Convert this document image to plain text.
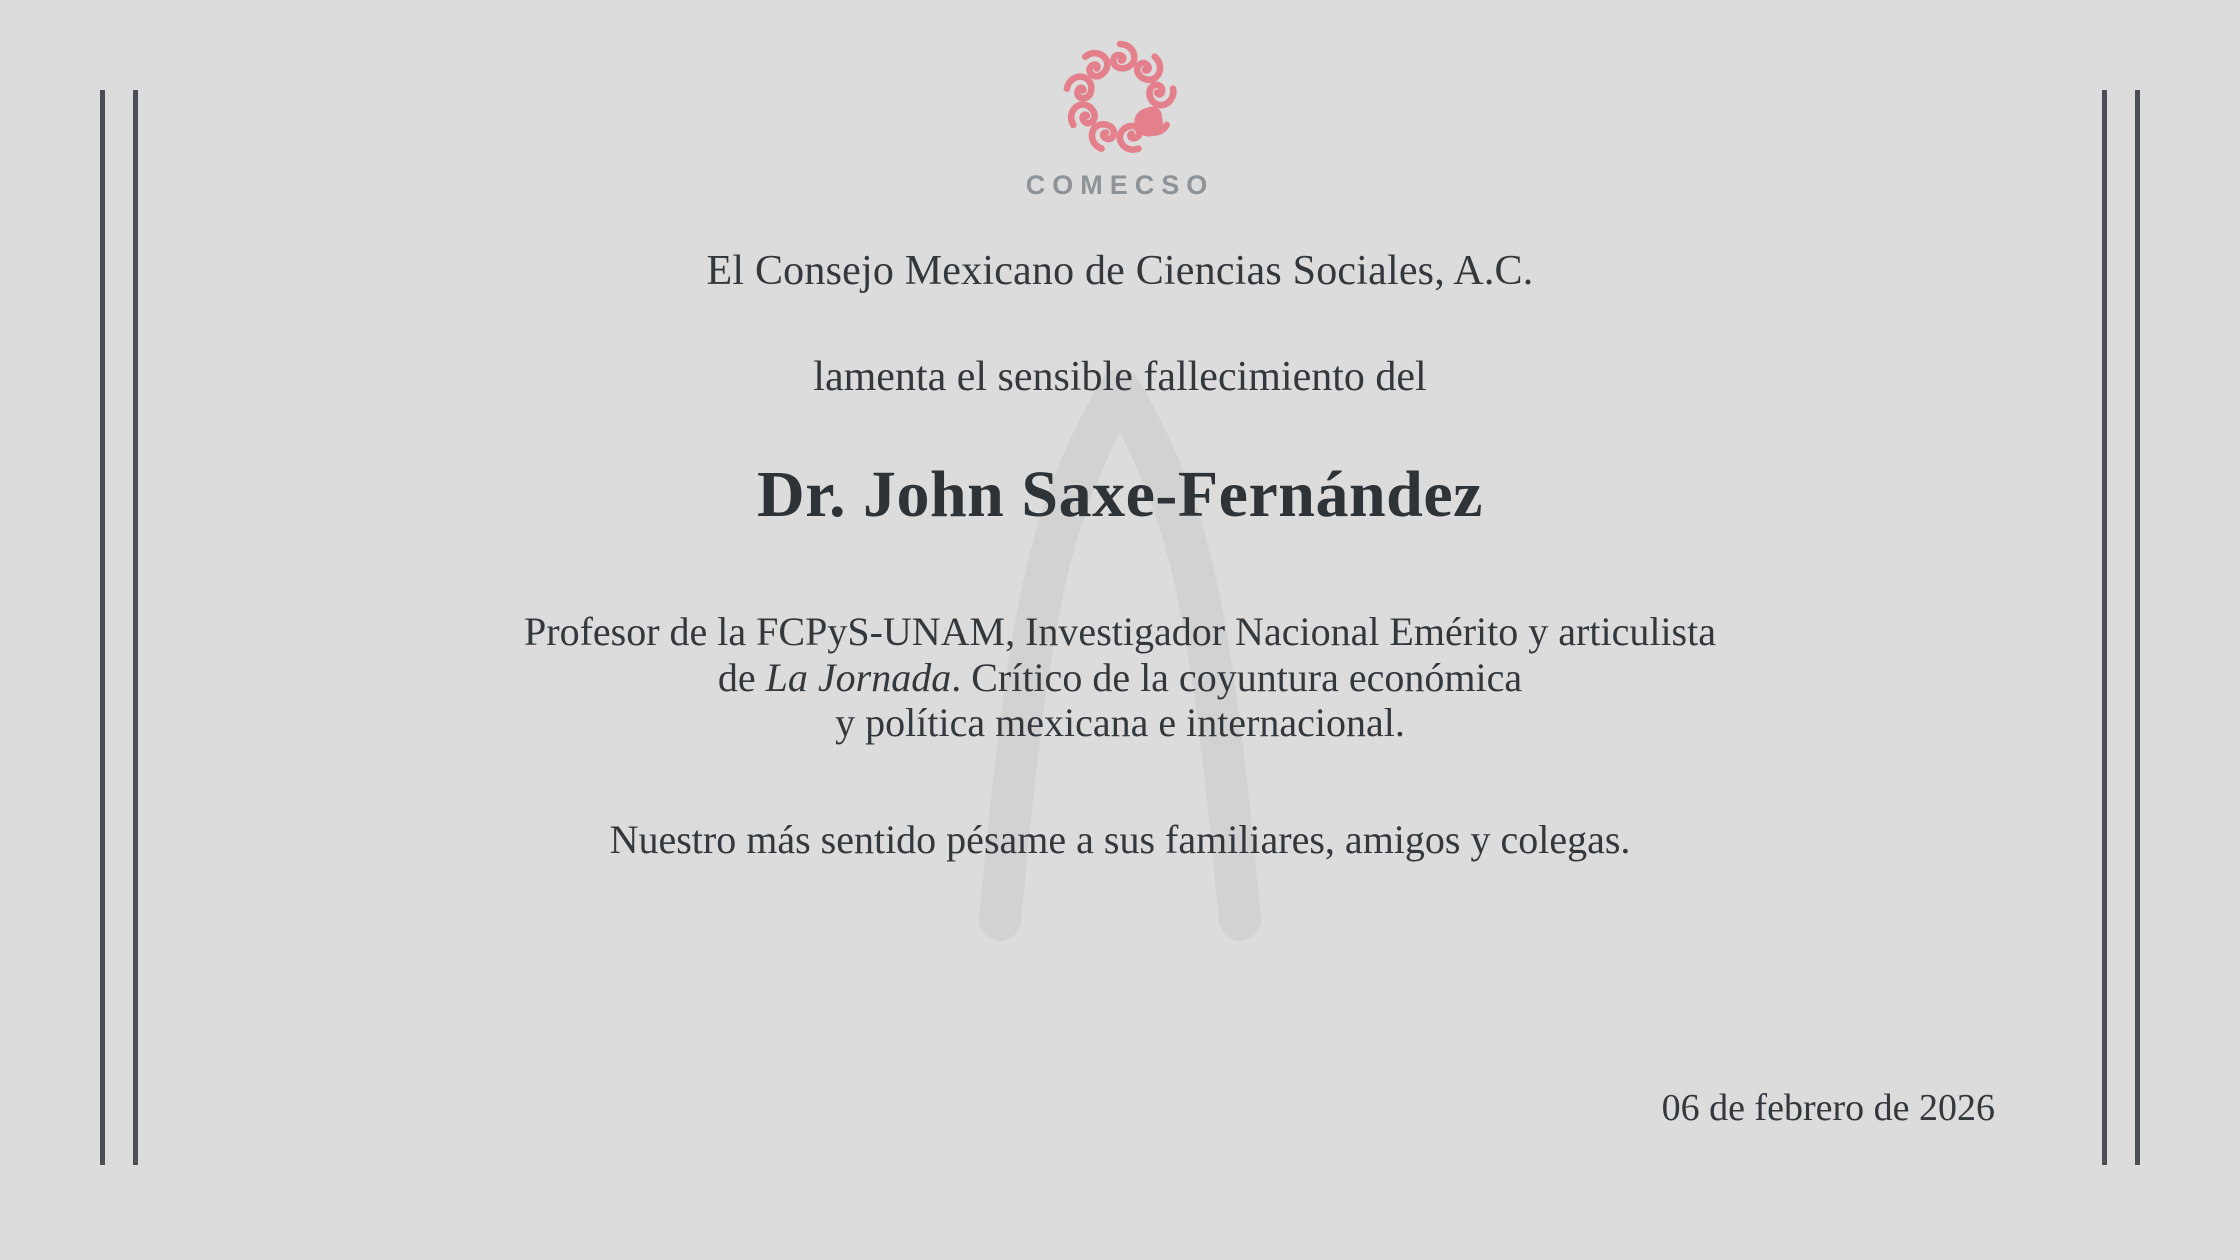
COMECSO
El Consejo Mexicano de Ciencias Sociales, A.C.
lamenta el sensible fallecimiento del
Dr. John Saxe-Fernández
Profesor de la FCPyS-UNAM, Investigador Nacional Emérito y articulista
de La Jornada. Crítico de la coyuntura económica
y política mexicana e internacional.
Nuestro más sentido pésame a sus familiares, amigos y colegas.
06 de febrero de 2026
